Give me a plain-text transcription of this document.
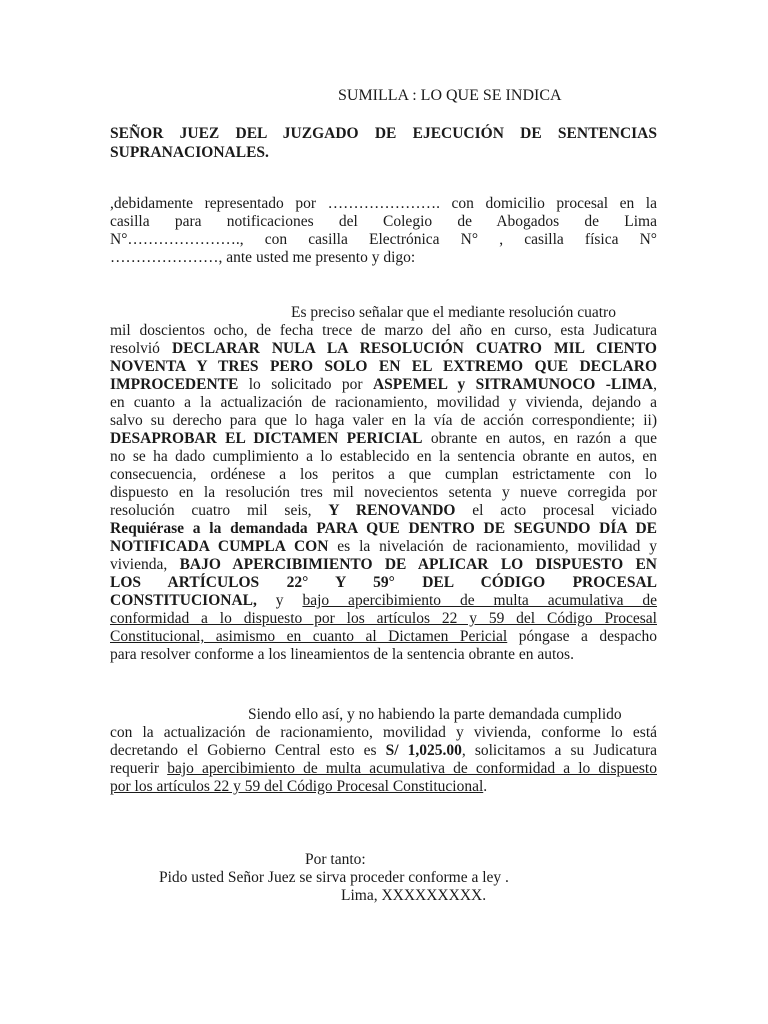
SUMILLA : LO QUE SE INDICA
SEÑOR JUEZ DEL JUZGADO DE EJECUCIÓN DE SENTENCIAS
SUPRANACIONALES.
,debidamente representado por …………………. con domicilio procesal en la
casilla para notificaciones del Colegio de Abogados de Lima
N°…………………., con casilla Electrónica N° , casilla física N°
…………………, ante usted me presento y digo:
Es preciso señalar que el mediante resolución cuatro
mil doscientos ocho, de fecha trece de marzo del año en curso, esta Judicatura
resolvió DECLARAR NULA LA RESOLUCIÓN CUATRO MIL CIENTO
NOVENTA Y TRES PERO SOLO EN EL EXTREMO QUE DECLARO
IMPROCEDENTE lo solicitado por ASPEMEL y SITRAMUNOCO -LIMA,
en cuanto a la actualización de racionamiento, movilidad y vivienda, dejando a
salvo su derecho para que lo haga valer en la vía de acción correspondiente; ii)
DESAPROBAR EL DICTAMEN PERICIAL obrante en autos, en razón a que
no se ha dado cumplimiento a lo establecido en la sentencia obrante en autos, en
consecuencia, ordénese a los peritos a que cumplan estrictamente con lo
dispuesto en la resolución tres mil novecientos setenta y nueve corregida por
resolución cuatro mil seis, Y RENOVANDO el acto procesal viciado
Requiérase a la demandada PARA QUE DENTRO DE SEGUNDO DÍA DE
NOTIFICADA CUMPLA CON es la nivelación de racionamiento, movilidad y
vivienda, BAJO APERCIBIMIENTO DE APLICAR LO DISPUESTO EN
LOS ARTÍCULOS 22° Y 59° DEL CÓDIGO PROCESAL
CONSTITUCIONAL, y bajo apercibimiento de multa acumulativa de
conformidad a lo dispuesto por los artículos 22 y 59 del Código Procesal
Constitucional, asimismo en cuanto al Dictamen Pericial póngase a despacho
para resolver conforme a los lineamientos de la sentencia obrante en autos.
Siendo ello así, y no habiendo la parte demandada cumplido
con la actualización de racionamiento, movilidad y vivienda, conforme lo está
decretando el Gobierno Central esto es S/ 1,025.00, solicitamos a su Judicatura
requerir bajo apercibimiento de multa acumulativa de conformidad a lo dispuesto
por los artículos 22 y 59 del Código Procesal Constitucional.
Por tanto:
Pido usted Señor Juez se sirva proceder conforme a ley .
Lima, XXXXXXXXX.
